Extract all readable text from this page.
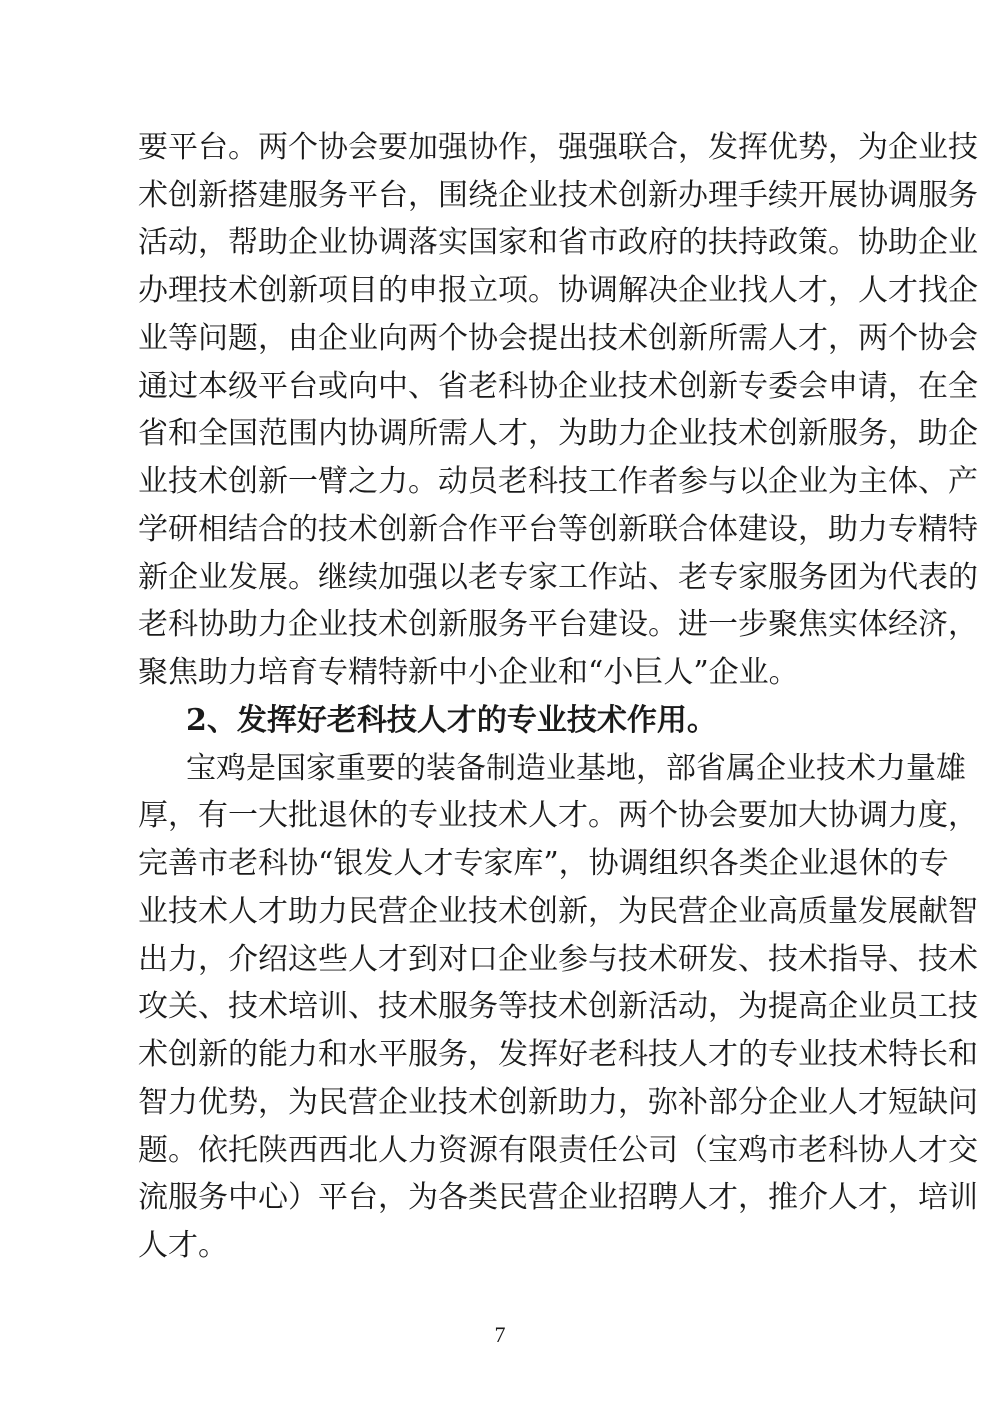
要平台。两个协会要加强协作，强强联合，发挥优势，为企业技
术创新搭建服务平台，围绕企业技术创新办理手续开展协调服务
活动，帮助企业协调落实国家和省市政府的扶持政策。协助企业
办理技术创新项目的申报立项。协调解决企业找人才，人才找企
业等问题，由企业向两个协会提出技术创新所需人才，两个协会
通过本级平台或向中、省老科协企业技术创新专委会申请，在全
省和全国范围内协调所需人才，为助力企业技术创新服务，助企
业技术创新一臂之力。动员老科技工作者参与以企业为主体、产
学研相结合的技术创新合作平台等创新联合体建设，助力专精特
新企业发展。继续加强以老专家工作站、老专家服务团为代表的
老科协助力企业技术创新服务平台建设。进一步聚焦实体经济，
聚焦助力培育专精特新中小企业和“小巨人”企业。
2、发挥好老科技人才的专业技术作用。
宝鸡是国家重要的装备制造业基地，部省属企业技术力量雄
厚，有一大批退休的专业技术人才。两个协会要加大协调力度，
完善市老科协“银发人才专家库”，协调组织各类企业退休的专
业技术人才助力民营企业技术创新，为民营企业高质量发展献智
出力，介绍这些人才到对口企业参与技术研发、技术指导、技术
攻关、技术培训、技术服务等技术创新活动，为提高企业员工技
术创新的能力和水平服务，发挥好老科技人才的专业技术特长和
智力优势，为民营企业技术创新助力，弥补部分企业人才短缺问
题。依托陕西西北人力资源有限责任公司（宝鸡市老科协人才交
流服务中心）平台，为各类民营企业招聘人才，推介人才，培训
人才。
7
